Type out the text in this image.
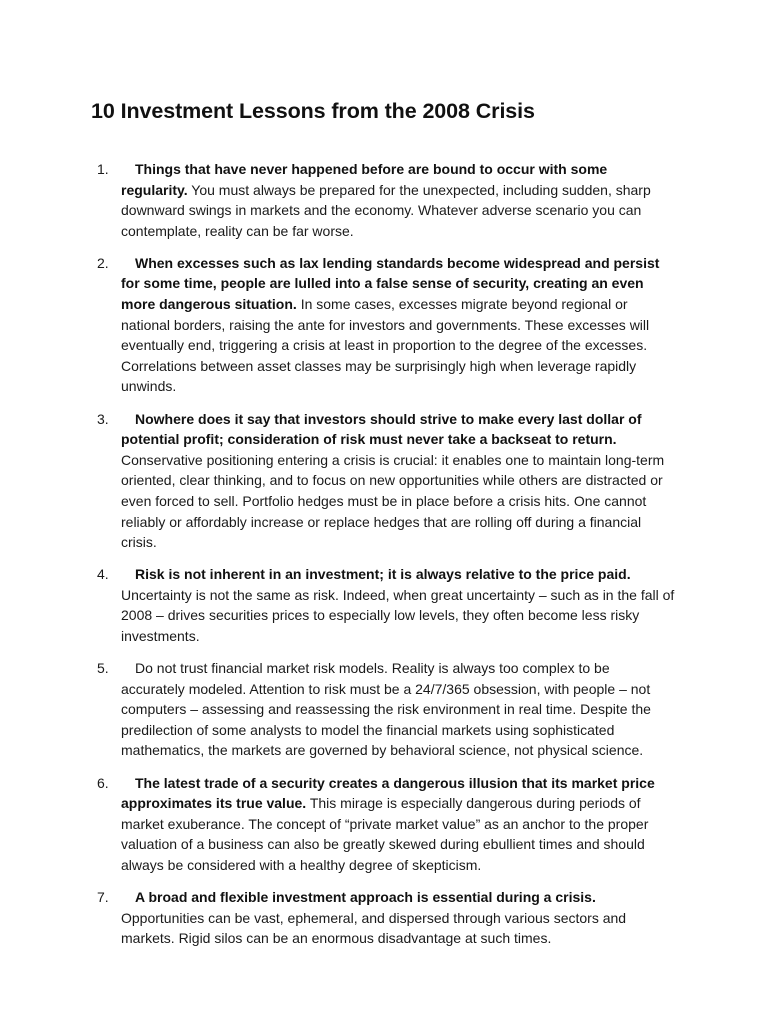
10 Investment Lessons from the 2008 Crisis
1. Things that have never happened before are bound to occur with some regularity. You must always be prepared for the unexpected, including sudden, sharp downward swings in markets and the economy. Whatever adverse scenario you can contemplate, reality can be far worse.
2. When excesses such as lax lending standards become widespread and persist for some time, people are lulled into a false sense of security, creating an even more dangerous situation. In some cases, excesses migrate beyond regional or national borders, raising the ante for investors and governments. These excesses will eventually end, triggering a crisis at least in proportion to the degree of the excesses. Correlations between asset classes may be surprisingly high when leverage rapidly unwinds.
3. Nowhere does it say that investors should strive to make every last dollar of potential profit; consideration of risk must never take a backseat to return. Conservative positioning entering a crisis is crucial: it enables one to maintain long-term oriented, clear thinking, and to focus on new opportunities while others are distracted or even forced to sell. Portfolio hedges must be in place before a crisis hits. One cannot reliably or affordably increase or replace hedges that are rolling off during a financial crisis.
4. Risk is not inherent in an investment; it is always relative to the price paid. Uncertainty is not the same as risk. Indeed, when great uncertainty – such as in the fall of 2008 – drives securities prices to especially low levels, they often become less risky investments.
5. Do not trust financial market risk models. Reality is always too complex to be accurately modeled. Attention to risk must be a 24/7/365 obsession, with people – not computers – assessing and reassessing the risk environment in real time. Despite the predilection of some analysts to model the financial markets using sophisticated mathematics, the markets are governed by behavioral science, not physical science.
6. The latest trade of a security creates a dangerous illusion that its market price approximates its true value. This mirage is especially dangerous during periods of market exuberance. The concept of “private market value” as an anchor to the proper valuation of a business can also be greatly skewed during ebullient times and should always be considered with a healthy degree of skepticism.
7. A broad and flexible investment approach is essential during a crisis. Opportunities can be vast, ephemeral, and dispersed through various sectors and markets. Rigid silos can be an enormous disadvantage at such times.
